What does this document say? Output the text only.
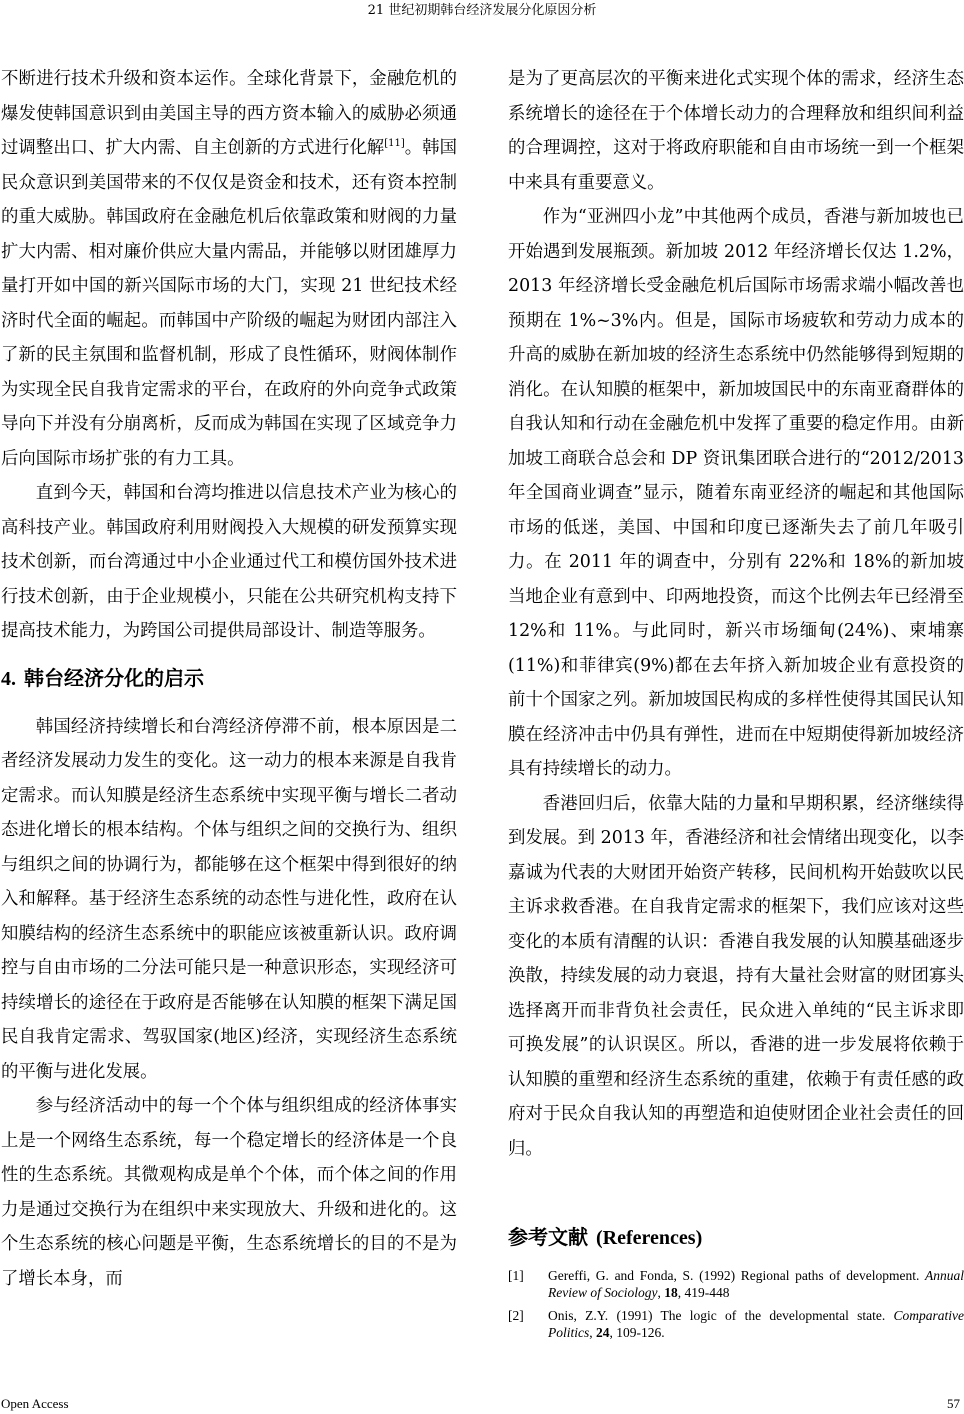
21 世纪初期韩台经济发展分化原因分析

不断进行技术升级和资本运作。全球化背景下，金融危机的爆发使韩国意识到由美国主导的西方资本输入的威胁必须通过调整出口、扩大内需、自主创新的方式进行化解[11]。韩国民众意识到美国带来的不仅仅是资金和技术，还有资本控制的重大威胁。韩国政府在金融危机后依靠政策和财阀的力量扩大内需、相对廉价供应大量内需品，并能够以财团雄厚力量打开如中国的新兴国际市场的大门，实现 21 世纪技术经济时代全面的崛起。而韩国中产阶级的崛起为财团内部注入了新的民主氛围和监督机制，形成了良性循环，财阀体制作为实现全民自我肯定需求的平台，在政府的外向竞争式政策导向下并没有分崩离析，反而成为韩国在实现了区域竞争力后向国际市场扩张的有力工具。

直到今天，韩国和台湾均推进以信息技术产业为核心的高科技产业。韩国政府利用财阀投入大规模的研发预算实现技术创新，而台湾通过中小企业通过代工和模仿国外技术进行技术创新，由于企业规模小，只能在公共研究机构支持下提高技术能力，为跨国公司提供局部设计、制造等服务。

4. 韩台经济分化的启示

韩国经济持续增长和台湾经济停滞不前，根本原因是二者经济发展动力发生的变化。这一动力的根本来源是自我肯定需求。而认知膜是经济生态系统中实现平衡与增长二者动态进化增长的根本结构。个体与组织之间的交换行为、组织与组织之间的协调行为，都能够在这个框架中得到很好的纳入和解释。基于经济生态系统的动态性与进化性，政府在认知膜结构的经济生态系统中的职能应该被重新认识。政府调控与自由市场的二分法可能只是一种意识形态，实现经济可持续增长的途径在于政府是否能够在认知膜的框架下满足国民自我肯定需求、驾驭国家(地区)经济，实现经济生态系统的平衡与进化发展。

参与经济活动中的每一个个体与组织组成的经济体事实上是一个网络生态系统，每一个稳定增长的经济体是一个良性的生态系统。其微观构成是单个个体，而个体之间的作用力是通过交换行为在组织中来实现放大、升级和进化的。这个生态系统的核心问题是平衡，生态系统增长的目的不是为了增长本身，而

是为了更高层次的平衡来进化式实现个体的需求，经济生态系统增长的途径在于个体增长动力的合理释放和组织间利益的合理调控，这对于将政府职能和自由市场统一到一个框架中来具有重要意义。

作为“亚洲四小龙”中其他两个成员，香港与新加坡也已开始遇到发展瓶颈。新加坡 2012 年经济增长仅达 1.2%，2013 年经济增长受金融危机后国际市场需求端小幅改善也预期在 1%~3%内。但是，国际市场疲软和劳动力成本的升高的威胁在新加坡的经济生态系统中仍然能够得到短期的消化。在认知膜的框架中，新加坡国民中的东南亚裔群体的自我认知和行动在金融危机中发挥了重要的稳定作用。由新加坡工商联合总会和 DP 资讯集团联合进行的“2012/2013 年全国商业调查”显示，随着东南亚经济的崛起和其他国际市场的低迷，美国、中国和印度已逐渐失去了前几年吸引力。在 2011 年的调查中，分别有 22%和 18%的新加坡当地企业有意到中、印两地投资，而这个比例去年已经滑至 12%和 11%。与此同时，新兴市场缅甸(24%)、柬埔寨(11%)和菲律宾(9%)都在去年挤入新加坡企业有意投资的前十个国家之列。新加坡国民构成的多样性使得其国民认知膜在经济冲击中仍具有弹性，进而在中短期使得新加坡经济具有持续增长的动力。

香港回归后，依靠大陆的力量和早期积累，经济继续得到发展。到 2013 年，香港经济和社会情绪出现变化，以李嘉诚为代表的大财团开始资产转移，民间机构开始鼓吹以民主诉求救香港。在自我肯定需求的框架下，我们应该对这些变化的本质有清醒的认识：香港自我发展的认知膜基础逐步涣散，持续发展的动力衰退，持有大量社会财富的财团寡头选择离开而非背负社会责任，民众进入单纯的“民主诉求即可换发展”的认识误区。所以，香港的进一步发展将依赖于认知膜的重塑和经济生态系统的重建，依赖于有责任感的政府对于民众自我认知的再塑造和迫使财团企业社会责任的回归。

参考文献 (References)
[1] Gereffi, G. and Fonda, S. (1992) Regional paths of development. Annual Review of Sociology, 18, 419-448
[2] Onis, Z.Y. (1991) The logic of the developmental state. Comparative Politics, 24, 109-126.
Open Access	57
